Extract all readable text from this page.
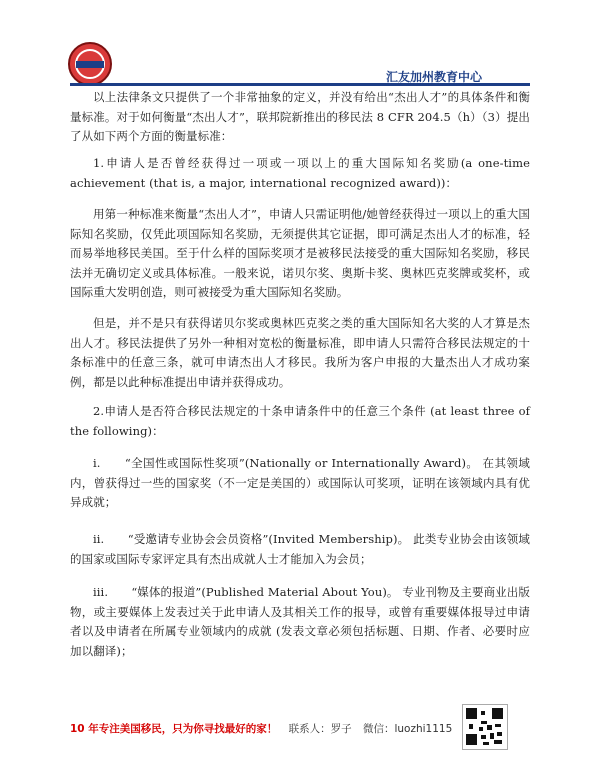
汇友加州教育中心
以上法律条文只提供了一个非常抽象的定义，并没有给出“杰出人才”的具体条件和衡量标准。对于如何衡量“杰出人才”，联邦院新推出的移民法 8 CFR 204.5（h）（3）提出了从如下两个方面的衡量标准：
1.申请人是否曾经获得过一项或一项以上的重大国际知名奖励(a one-time achievement (that is, a major, international recognized award))：
用第一种标准来衡量“杰出人才”，申请人只需证明他/她曾经获得过一项以上的重大国际知名奖励，仅凭此项国际知名奖励，无须提供其它证据，即可满足杰出人才的标准，轻而易举地移民美国。至于什么样的国际奖项才是被移民法接受的重大国际知名奖励，移民法并无确切定义或具体标准。一般来说，诺贝尔奖、奥斯卡奖、奥林匹克奖牌或奖杯，或国际重大发明创造，则可被接受为重大国际知名奖励。
但是，并不是只有获得诺贝尔奖或奥林匹克奖之类的重大国际知名大奖的人才算是杰出人才。移民法提供了另外一种相对宽松的衡量标准，即申请人只需符合移民法规定的十条标准中的任意三条，就可申请杰出人才移民。我所为客户申报的大量杰出人才成功案例，都是以此种标准提出申请并获得成功。
2.申请人是否符合移民法规定的十条申请条件中的任意三个条件 (at least three of the following)：
i.　　“全国性或国际性奖项”(Nationally or Internationally Award)。 在其领域内，曾获得过一些的国家奖（不一定是美国的）或国际认可奖项，证明在该领域内具有优异成就；
ii.　　“受邀请专业协会会员资格”(Invited Membership)。 此类专业协会由该领域的国家或国际专家评定具有杰出成就人士才能加入为会员；
iii.　　“媒体的报道”(Published Material About You)。 专业刊物及主要商业出版物，或主要媒体上发表过关于此申请人及其相关工作的报导，或曾有重要媒体报导过申请者以及申请者在所属专业领域内的成就 (发表文章必须包括标题、日期、作者、必要时应加以翻译)；
10 年专注美国移民，只为你寻找最好的家！ 联系人：罗子 微信：luozhi1115
